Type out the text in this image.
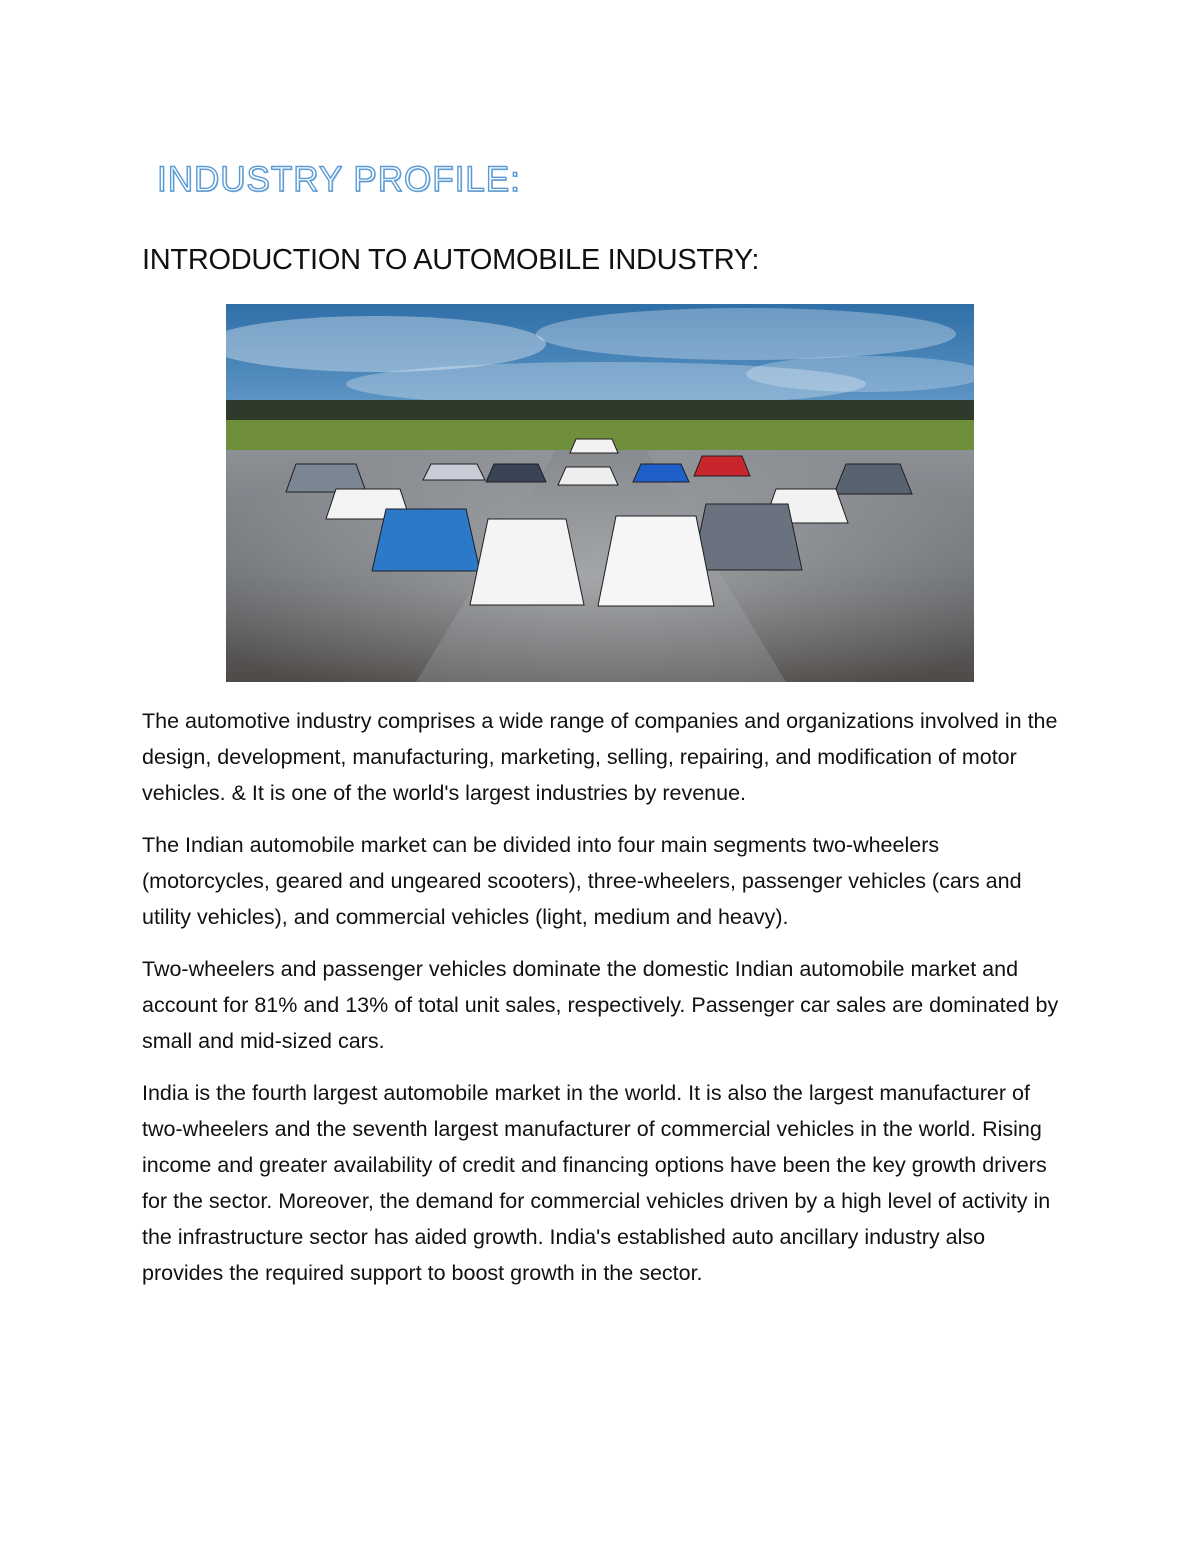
INDUSTRY PROFILE:
INTRODUCTION TO AUTOMOBILE INDUSTRY:

The automotive industry comprises a wide range of companies and organizations involved in the design, development, manufacturing, marketing, selling, repairing, and modification of motor vehicles. & It is one of the world's largest industries by revenue.

The Indian automobile market can be divided into four main segments two-wheelers (motorcycles, geared and ungeared scooters), three-wheelers, passenger vehicles (cars and utility vehicles), and commercial vehicles (light, medium and heavy).

Two-wheelers and passenger vehicles dominate the domestic Indian automobile market and account for 81% and 13% of total unit sales, respectively. Passenger car sales are dominated by small and mid-sized cars.

India is the fourth largest automobile market in the world. It is also the largest manufacturer of two-wheelers and the seventh largest manufacturer of commercial vehicles in the world. Rising income and greater availability of credit and financing options have been the key growth drivers for the sector. Moreover, the demand for commercial vehicles driven by a high level of activity in the infrastructure sector has aided growth. India's established auto ancillary industry also provides the required support to boost growth in the sector.
